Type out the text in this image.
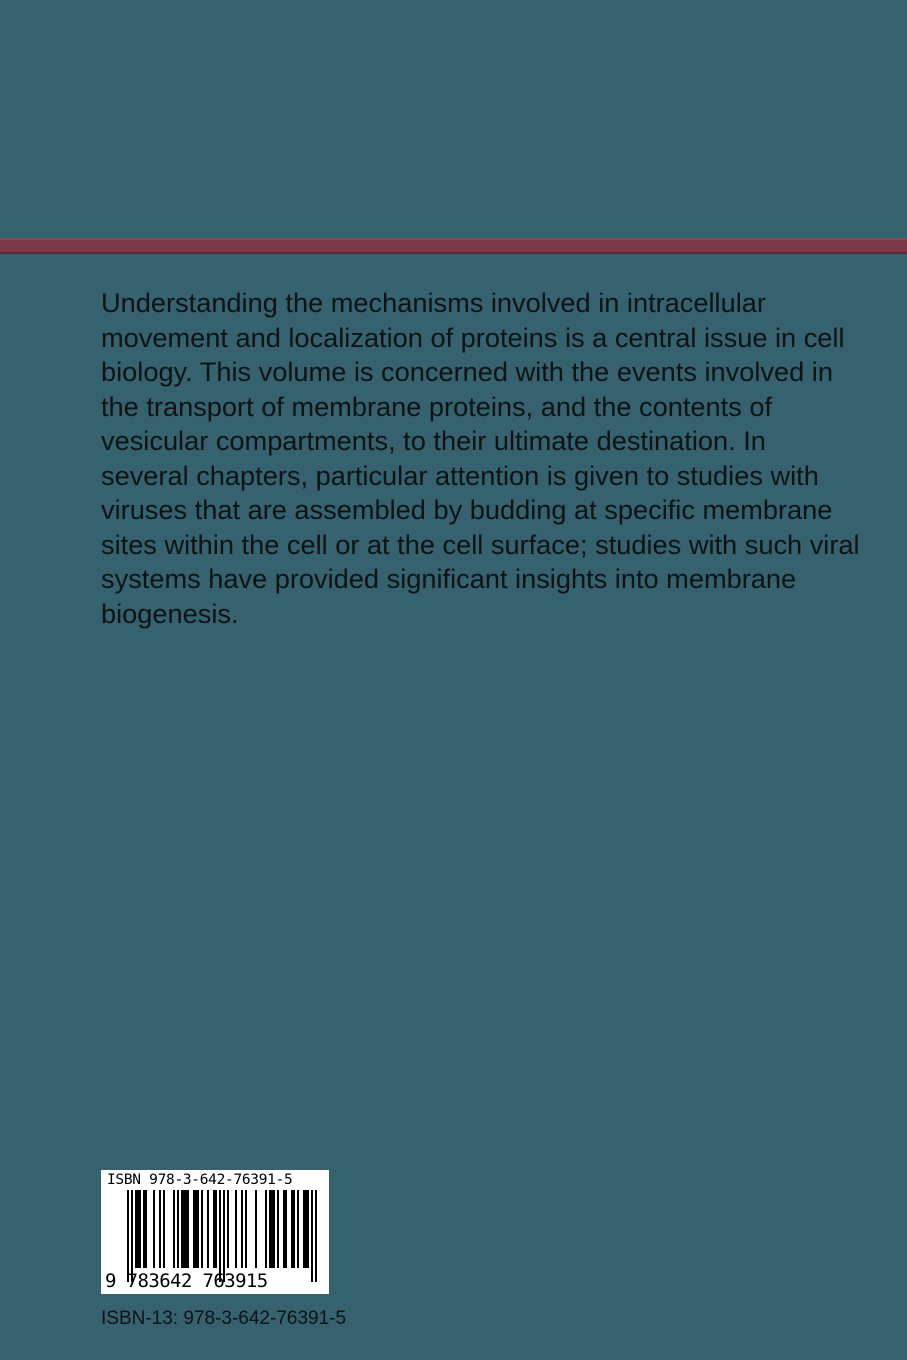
Understanding the mechanisms involved in intracellular movement and localization of proteins is a central issue in cell biology. This volume is concerned with the events involved in the transport of membrane proteins, and the contents of vesicular compartments, to their ultimate destination. In several chapters, particular attention is given to studies with viruses that are assembled by budding at specific membrane sites within the cell or at the cell surface; studies with such viral systems have provided significant insights into membrane biogenesis.

ISBN 978-3-642-76391-5
9 783642 763915
ISBN-13: 978-3-642-76391-5
